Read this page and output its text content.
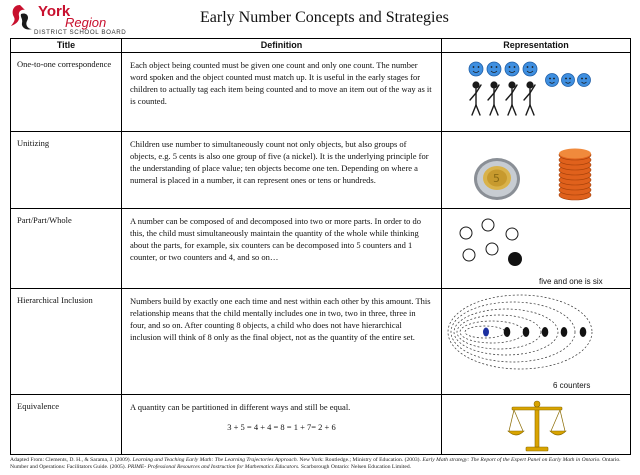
York
Region
DISTRICT SCHOOL BOARD
Early Number Concepts and Strategies
Title	Definition	Representation
One-to-one correspondence	Each object being counted must be given one count and only one count. The number word spoken and the object counted must match up. It is useful in the early stages for children to actually tag each item being counted and to move an item out of the way as it is counted.

Unitizing	Children use number to simultaneously count not only objects, but also groups of objects, e.g. 5 cents is also one group of five (a nickel). It is the underlying principle for the understanding of place value; ten objects become one ten. Depending on where a numeral is placed in a number, it can represent ones or tens or hundreds.	5

Part/Part/Whole	A number can be composed of and decomposed into two or more parts. In order to do this, the child must simultaneously maintain the quantity of the whole while thinking about the parts, for example, six counters can be decomposed into 5 counters and 1 counter, or two counters and 4, and so on…	five and one is six

Hierarchical Inclusion	Numbers build by exactly one each time and nest within each other by this amount. This relationship means that the child mentally includes one in two, two in three, three in four, and so on. After counting 8 objects, a child who does not have hierarchical inclusion will think of 8 only as the final object, not as the quantity of the entire set.	6 counters

Equivalence	A quantity can be partitioned in different ways and still be equal.
3 + 5 = 4 + 4 = 8 = 1 + 7= 2 + 6

Adapted From: Clements, D. H., & Sarama, J. (2009). Learning and Teaching Early Math: The Learning Trajectories Approach. New York: Routledge.; Ministry of Education. (2003). Early Math strategy: The Report of the Expert Panel on Early Math in Ontario. Ontario. Number and Operations: Facilitators Guide. (2005). PRIME- Professional Resources and Instruction for Mathematics Educators. Scarborough Ontario: Nelsen Education Limited.
